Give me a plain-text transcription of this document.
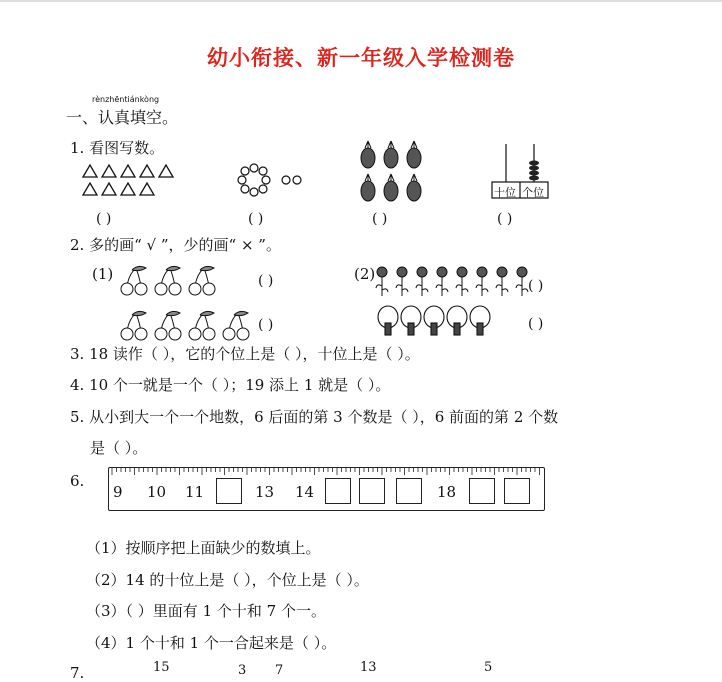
幼小衔接、新一年级入学检测卷
rènzhēntiánkòng
一、认真填空。
1. 看图写数。
十位 个位
( )	( )	( )	( )
2. 多的画“ √ ”，少的画“ × ”。
(1)	( )
( )
(2)
( )
( )
3. 18 读作（ ），它的个位上是（ ），十位上是（ ）。
4. 10 个一就是一个（ ）；19 添上 1 就是（ ）。
5. 从小到大一个一个地数，6 后面的第 3 个数是（ ），6 前面的第 2 个数
是（ ）。
6.
9 10 11	13 14	18
（1）按顺序把上面缺少的数填上。
（2）14 的十位上是（ ），个位上是（ ）。
（3）（ ）里面有 1 个十和 7 个一。
（4）1 个十和 1 个一合起来是（ ）。
7.	15	3 7	13	5
